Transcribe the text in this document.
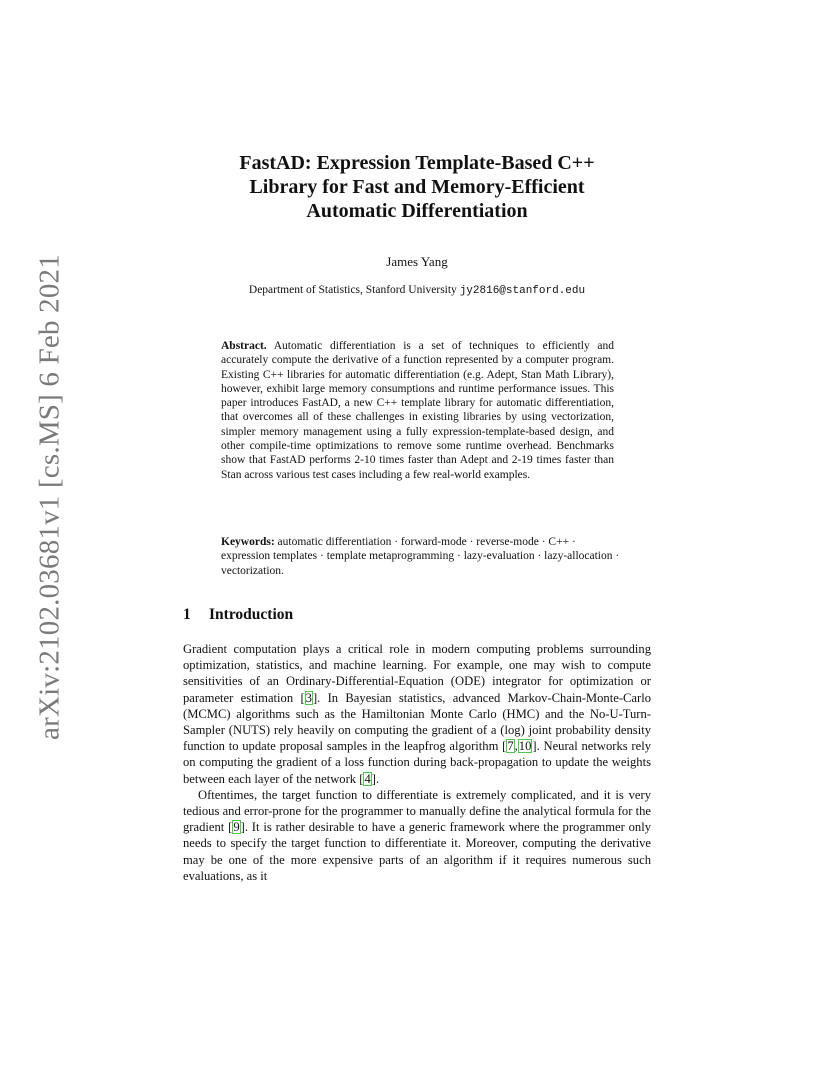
arXiv:2102.03681v1 [cs.MS] 6 Feb 2021
FastAD: Expression Template-Based C++
Library for Fast and Memory-Efficient
Automatic Differentiation
James Yang
Department of Statistics, Stanford University jy2816@stanford.edu
Abstract. Automatic differentiation is a set of techniques to efficiently and accurately compute the derivative of a function represented by a computer program. Existing C++ libraries for automatic differentiation (e.g. Adept, Stan Math Library), however, exhibit large memory consumptions and runtime performance issues. This paper introduces FastAD, a new C++ template library for automatic differentiation, that overcomes all of these challenges in existing libraries by using vectorization, simpler memory management using a fully expression-template-based design, and other compile-time optimizations to remove some runtime overhead. Benchmarks show that FastAD performs 2-10 times faster than Adept and 2-19 times faster than Stan across various test cases including a few real-world examples.
Keywords: automatic differentiation · forward-mode · reverse-mode · C++ · expression templates · template metaprogramming · lazy-evaluation · lazy-allocation · vectorization.
1 Introduction

Gradient computation plays a critical role in modern computing problems surrounding optimization, statistics, and machine learning. For example, one may wish to compute sensitivities of an Ordinary-Differential-Equation (ODE) integrator for optimization or parameter estimation [3]. In Bayesian statistics, advanced Markov-Chain-Monte-Carlo (MCMC) algorithms such as the Hamiltonian Monte Carlo (HMC) and the No-U-Turn-Sampler (NUTS) rely heavily on computing the gradient of a (log) joint probability density function to update proposal samples in the leapfrog algorithm [7,10]. Neural networks rely on computing the gradient of a loss function during back-propagation to update the weights between each layer of the network [4].

Oftentimes, the target function to differentiate is extremely complicated, and it is very tedious and error-prone for the programmer to manually define the analytical formula for the gradient [9]. It is rather desirable to have a generic framework where the programmer only needs to specify the target function to differentiate it. Moreover, computing the derivative may be one of the more expensive parts of an algorithm if it requires numerous such evaluations, as it
